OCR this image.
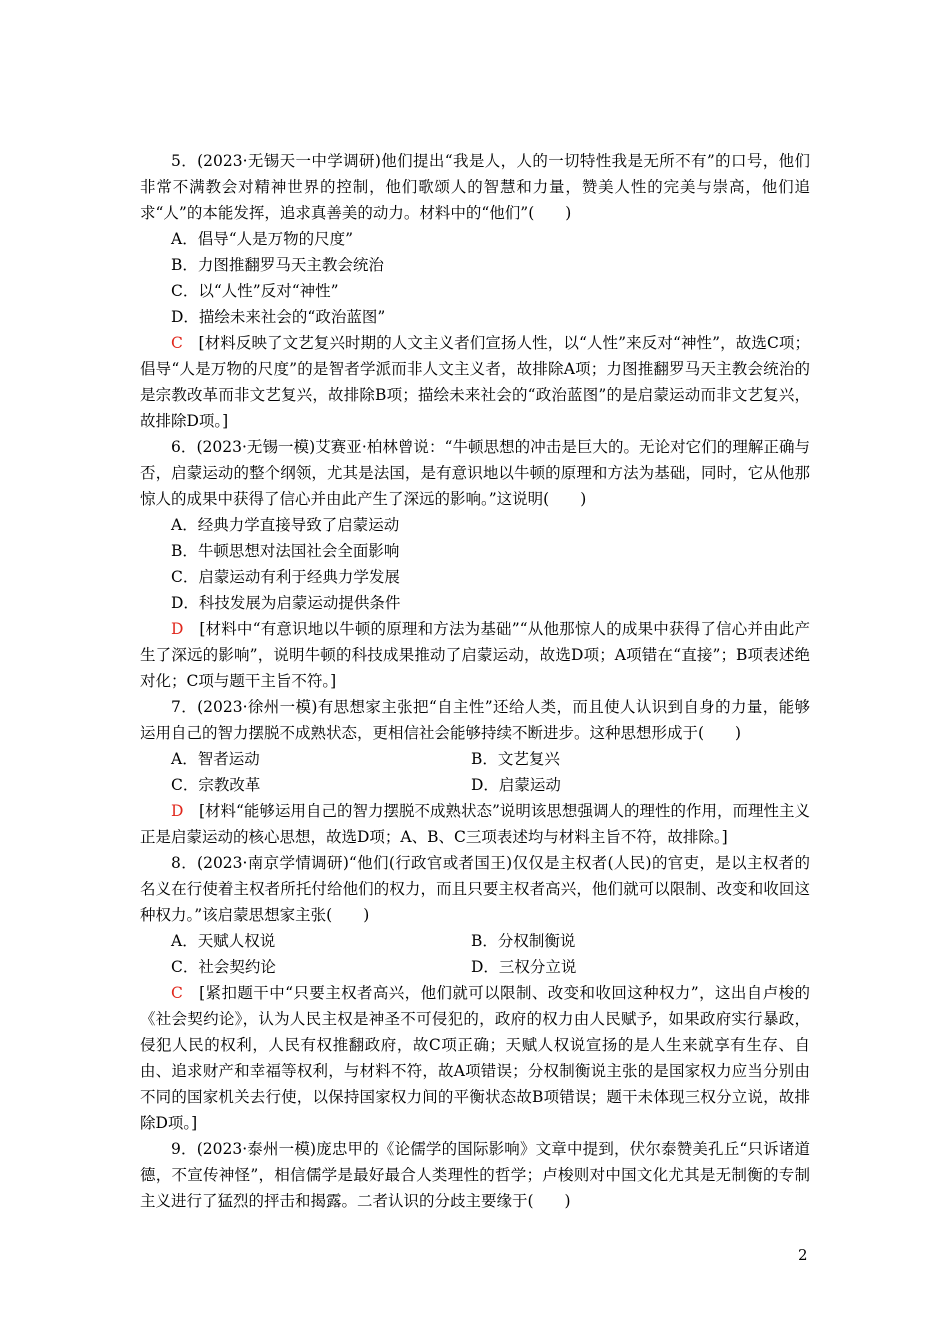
5．(2023·无锡天一中学调研)他们提出“我是人，人的一切特性我是无所不有”的口号，他们非常不满教会对精神世界的控制，他们歌颂人的智慧和力量，赞美人性的完美与崇高，他们追求“人”的本能发挥，追求真善美的动力。材料中的“他们”(　　)

A．倡导“人是万物的尺度”

B．力图推翻罗马天主教会统治

C．以“人性”反对“神性”

D．描绘未来社会的“政治蓝图”

C　[材料反映了文艺复兴时期的人文主义者们宣扬人性，以“人性”来反对“神性”，故选C项；倡导“人是万物的尺度”的是智者学派而非人文主义者，故排除A项；力图推翻罗马天主教会统治的是宗教改革而非文艺复兴，故排除B项；描绘未来社会的“政治蓝图”的是启蒙运动而非文艺复兴，故排除D项。]

6．(2023·无锡一模)艾赛亚·柏林曾说：“牛顿思想的冲击是巨大的。无论对它们的理解正确与否，启蒙运动的整个纲领，尤其是法国，是有意识地以牛顿的原理和方法为基础，同时，它从他那惊人的成果中获得了信心并由此产生了深远的影响。”这说明(　　)

A．经典力学直接导致了启蒙运动

B．牛顿思想对法国社会全面影响

C．启蒙运动有利于经典力学发展

D．科技发展为启蒙运动提供条件

D　[材料中“有意识地以牛顿的原理和方法为基础”“从他那惊人的成果中获得了信心并由此产生了深远的影响”，说明牛顿的科技成果推动了启蒙运动，故选D项；A项错在“直接”；B项表述绝对化；C项与题干主旨不符。]

7．(2023·徐州一模)有思想家主张把“自主性”还给人类，而且使人认识到自身的力量，能够运用自己的智力摆脱不成熟状态，更相信社会能够持续不断进步。这种思想形成于(　　)

A．智者运动	B．文艺复兴
C．宗教改革	D．启蒙运动

D　[材料“能够运用自己的智力摆脱不成熟状态”说明该思想强调人的理性的作用，而理性主义正是启蒙运动的核心思想，故选D项；A、B、C三项表述均与材料主旨不符，故排除。]

8．(2023·南京学情调研)“他们(行政官或者国王)仅仅是主权者(人民)的官吏，是以主权者的名义在行使着主权者所托付给他们的权力，而且只要主权者高兴，他们就可以限制、改变和收回这种权力。”该启蒙思想家主张(　　)

A．天赋人权说	B．分权制衡说
C．社会契约论	D．三权分立说

C　[紧扣题干中“只要主权者高兴，他们就可以限制、改变和收回这种权力”，这出自卢梭的《社会契约论》，认为人民主权是神圣不可侵犯的，政府的权力由人民赋予，如果政府实行暴政，侵犯人民的权利，人民有权推翻政府，故C项正确；天赋人权说宣扬的是人生来就享有生存、自由、追求财产和幸福等权利，与材料不符，故A项错误；分权制衡说主张的是国家权力应当分别由不同的国家机关去行使，以保持国家权力间的平衡状态故B项错误；题干未体现三权分立说，故排除D项。]

9．(2023·泰州一模)庞忠甲的《论儒学的国际影响》文章中提到，伏尔泰赞美孔丘“只诉诸道德，不宣传神怪”，相信儒学是最好最合人类理性的哲学；卢梭则对中国文化尤其是无制衡的专制主义进行了猛烈的抨击和揭露。二者认识的分歧主要缘于(　　)

2
